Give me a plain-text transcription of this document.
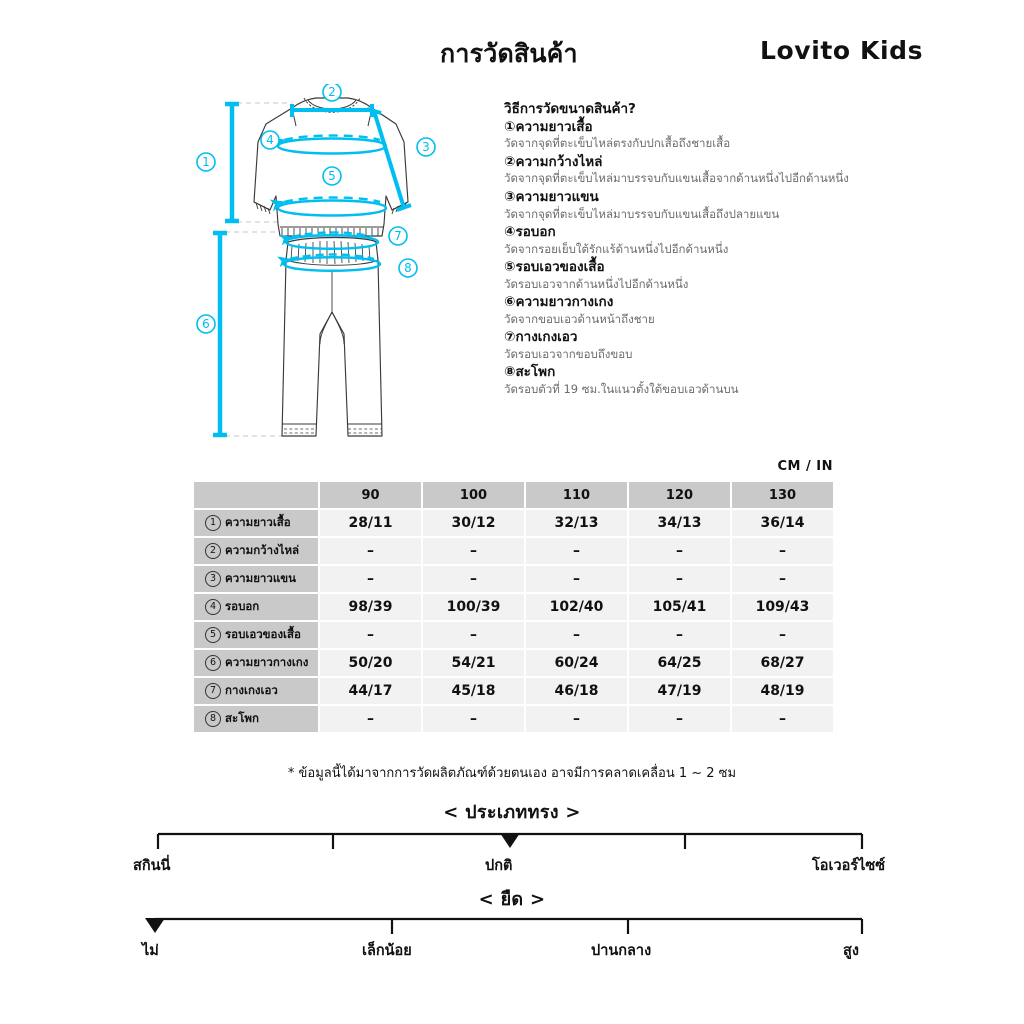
การวัดสินค้า	Lovito Kids
1
2
3
4
5
6
7
8
วิธีการวัดขนาดสินค้า?
①ความยาวเสื้อ
วัดจากจุดที่ตะเข็บไหล่ตรงกับปกเสื้อถึงชายเสื้อ
②ความกว้างไหล่
วัดจากจุดที่ตะเข็บไหล่มาบรรจบกับแขนเสื้อจากด้านหนึ่งไปอีกด้านหนึ่ง
③ความยาวแขน
วัดจากจุดที่ตะเข็บไหล่มาบรรจบกับแขนเสื้อถึงปลายแขน
④รอบอก
วัดจากรอยเย็บใต้รักแร้ด้านหนึ่งไปอีกด้านหนึ่ง
⑤รอบเอวของเสื้อ
วัดรอบเอวจากด้านหนึ่งไปอีกด้านหนึ่ง
⑥ความยาวกางเกง
วัดจากขอบเอวด้านหน้าถึงชาย
⑦กางเกงเอว
วัดรอบเอวจากขอบถึงขอบ
⑧สะโพก
วัดรอบตัวที่ 19 ซม.ในแนวตั้งใต้ขอบเอวด้านบน
CM / IN
	90	100	110	120	130
1 ความยาวเสื้อ	28/11	30/12	32/13	34/13	36/14
2 ความกว้างไหล่	–	–	–	–	–
3 ความยาวแขน	–	–	–	–	–
4 รอบอก	98/39	100/39	102/40	105/41	109/43
5 รอบเอวของเสื้อ	–	–	–	–	–
6 ความยาวกางเกง	50/20	54/21	60/24	64/25	68/27
7 กางเกงเอว	44/17	45/18	46/18	47/19	48/19
8 สะโพก	–	–	–	–	–
* ข้อมูลนี้ได้มาจากการวัดผลิตภัณฑ์ด้วยตนเอง อาจมีการคลาดเคลื่อน 1 ~ 2 ซม
< ประเภททรง >
สกินนี่	ปกติ	โอเวอร์ไซซ์
< ยืด >
ไม่	เล็กน้อย	ปานกลาง	สูง
